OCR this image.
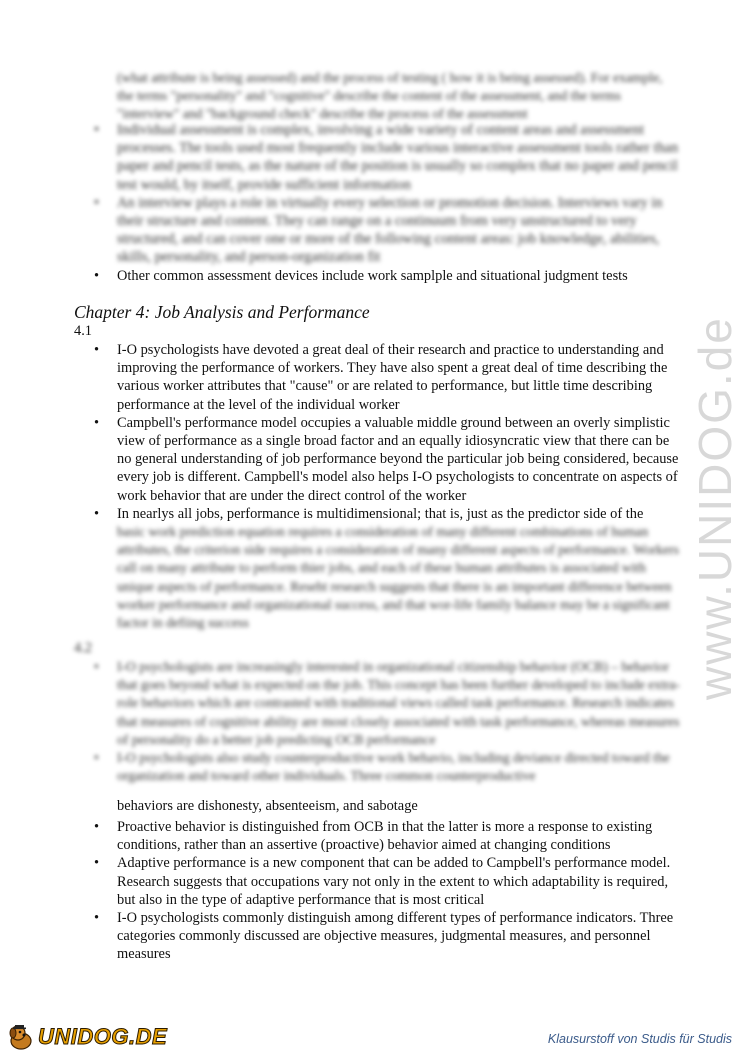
(what attribute is being assessed) and the process of testing ( how it is being assessed). For example, the terms "personality" and "cognitive" describe the content of the assessment, and the terms "interview" and "background check" describe the process of the assessment
• Individual assessment is complex, involving a wide variety of content areas and assessment processes. The tools used most frequently include various interactive assessment tools rather than paper and pencil tests, as the nature of the position is usually so complex that no paper and pencil test would, by itself, provide sufficient information
• An interview plays a role in virtually every selection or promotion decision. Interviews vary in their structure and content. They can range on a continuum from very unstructured to very structured, and can cover one or more of the following content areas: job knowledge, abilities, skills, personality, and person-organization fit
• Other common assessment devices include work samplple and situational judgment tests
Chapter 4: Job Analysis and Performance
4.1
• I-O psychologists have devoted a great deal of their research and practice to understanding and improving the performance of workers. They have also spent a great deal of time describing the various worker attributes that "cause" or are related to performance, but little time describing performance at the level of the individual worker
• Campbell's performance model occupies a valuable middle ground between an overly simplistic view of performance as a single broad factor and an equally idiosyncratic view that there can be no general understanding of job performance beyond the particular job being considered, because every job is different. Campbell's model also helps I-O psychologists to concentrate on aspects of work behavior that are under the direct control of the worker
• In nearlys all jobs, performance is multidimensional; that is, just as the predictor side of the
basic work prediction equation requires a consideration of many different combinations of human attributes, the criterion side requires a consideration of many different aspects of performance. Workers call on many attribute to perform thier jobs, and each of these human attributes is associated with unique aspects of performance. Reseht research suggests that there is an important difference between worker performance and organizational success, and that wor-life family balance may be a significant factor in defiing success
4.2
• I-O psychologists are increasingly interested in organizational citizenship behavior (OCB) – behavior that goes beyond what is expected on the job. This concept has been further developed to include extra-role behaviors which are contrasted with traditional views called task performance. Research indicates that measures of cognitive ability are most closely associated with task performance, whereas measures of personality do a better job predicting OCB performance
• I-O psychologists also study counterproductive work behavio, including deviance directed toward the organization and toward other individuals. Three common counterproductive
behaviors are dishonesty, absenteeism, and sabotage
• Proactive behavior is distinguished from OCB in that the latter is more a response to existing conditions, rather than an assertive (proactive) behavior aimed at changing conditions
• Adaptive performance is a new component that can be added to Campbell's performance model. Research suggests that occupations vary not only in the extent to which adaptability is required, but also in the type of adaptive performance that is most critical
• I-O psychologists commonly distinguish among different types of performance indicators. Three categories commonly discussed are objective measures, judgmental measures, and personnel measures
www.UNIDOG.de
UNIDOG.DE	Klausurstoff von Studis für Studis
